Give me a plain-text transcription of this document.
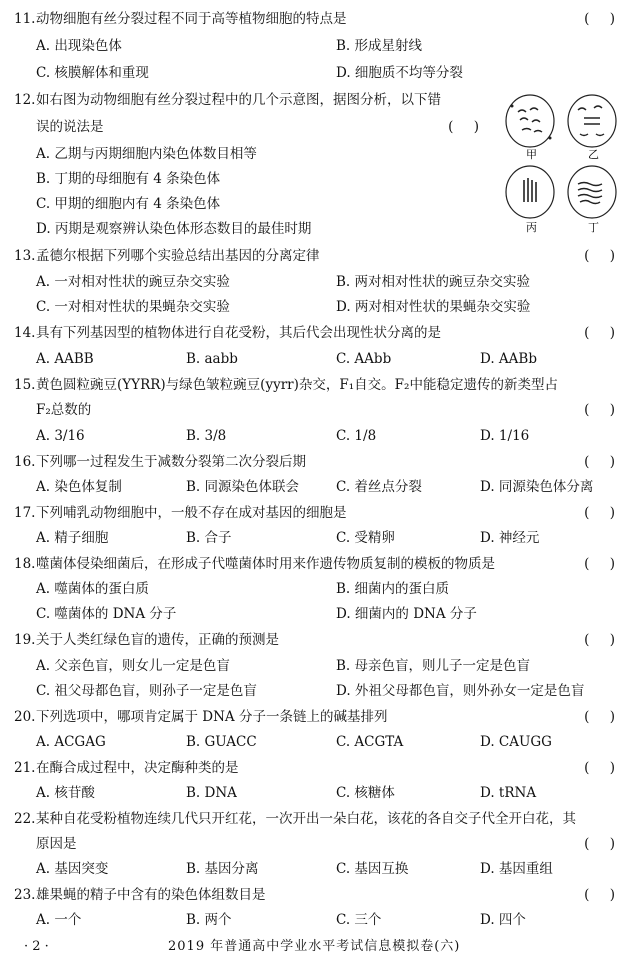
11.动物细胞有丝分裂过程不同于高等植物细胞的特点是	( )
A. 出现染色体	B. 形成星射线
C. 核膜解体和重现	D. 细胞质不均等分裂
12.如右图为动物细胞有丝分裂过程中的几个示意图，据图分析，以下错
误的说法是	( )
A. 乙期与丙期细胞内染色体数目相等
B. 丁期的母细胞有 4 条染色体
C. 甲期的细胞内有 4 条染色体
D. 丙期是观察辨认染色体形态数目的最佳时期
甲	乙
丙	丁
13.孟德尔根据下列哪个实验总结出基因的分离定律	( )
A. 一对相对性状的豌豆杂交实验	B. 两对相对性状的豌豆杂交实验
C. 一对相对性状的果蝇杂交实验	D. 两对相对性状的果蝇杂交实验
14.具有下列基因型的植物体进行自花受粉，其后代会出现性状分离的是	( )
A. AABB	B. aabb	C. AAbb	D. AABb
15.黄色圆粒豌豆(YYRR)与绿色皱粒豌豆(yyrr)杂交，F₁自交。F₂中能稳定遗传的新类型占
F₂总数的	( )
A. 3/16	B. 3/8	C. 1/8	D. 1/16
16.下列哪一过程发生于减数分裂第二次分裂后期	( )
A. 染色体复制	B. 同源染色体联会	C. 着丝点分裂	D. 同源染色体分离
17.下列哺乳动物细胞中，一般不存在成对基因的细胞是	( )
A. 精子细胞	B. 合子	C. 受精卵	D. 神经元
18.噬菌体侵染细菌后，在形成子代噬菌体时用来作遗传物质复制的模板的物质是	( )
A. 噬菌体的蛋白质	B. 细菌内的蛋白质
C. 噬菌体的 DNA 分子	D. 细菌内的 DNA 分子
19.关于人类红绿色盲的遗传，正确的预测是	( )
A. 父亲色盲，则女儿一定是色盲	B. 母亲色盲，则儿子一定是色盲
C. 祖父母都色盲，则孙子一定是色盲	D. 外祖父母都色盲，则外孙女一定是色盲
20.下列选项中，哪项肯定属于 DNA 分子一条链上的碱基排列	( )
A. ACGAG	B. GUACC	C. ACGTA	D. CAUGG
21.在酶合成过程中，决定酶种类的是	( )
A. 核苷酸	B. DNA	C. 核糖体	D. tRNA
22.某种自花受粉植物连续几代只开红花，一次开出一朵白花，该花的各自交子代全开白花，其
原因是	( )
A. 基因突变	B. 基因分离	C. 基因互换	D. 基因重组
23.雄果蝇的精子中含有的染色体组数目是	( )
A. 一个	B. 两个	C. 三个	D. 四个
· 2 ·	2019 年普通高中学业水平考试信息模拟卷(六)
